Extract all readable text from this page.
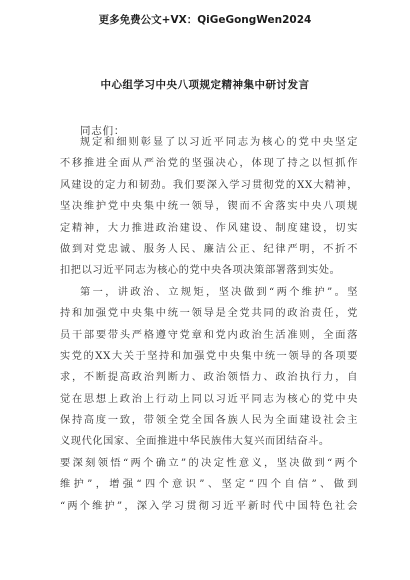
更多免费公文+VX：QiGeGongWen2024
中心组学习中央八项规定精神集中研讨发言
同志们：
规定和细则彰显了以习近平同志为核心的党中央坚定
不移推进全面从严治党的坚强决心，体现了持之以恒抓作
风建设的定力和韧劲。我们要深入学习贯彻党的XX大精神，
坚决维护党中央集中统一领导，锲而不舍落实中央八项规
定精神，大力推进政治建设、作风建设、制度建设，切实
做到对党忠诚、服务人民、廉洁公正、纪律严明，不折不
扣把以习近平同志为核心的党中央各项决策部署落到实处。
第一，讲政治、立规矩，坚决做到“两个维护”。坚
持和加强党中央集中统一领导是全党共同的政治责任，党
员干部要带头严格遵守党章和党内政治生活准则，全面落
实党的XX大关于坚持和加强党中央集中统一领导的各项要
求，不断提高政治判断力、政治领悟力、政治执行力，自
觉在思想上政治上行动上同以习近平同志为核心的党中央
保持高度一致，带领全党全国各族人民为全面建设社会主
义现代化国家、全面推进中华民族伟大复兴而团结奋斗。
要深刻领悟“两个确立”的决定性意义，坚决做到“两个
维护”，增强“四个意识”、坚定“四个自信”、做到
“两个维护”，深入学习贯彻习近平新时代中国特色社会
